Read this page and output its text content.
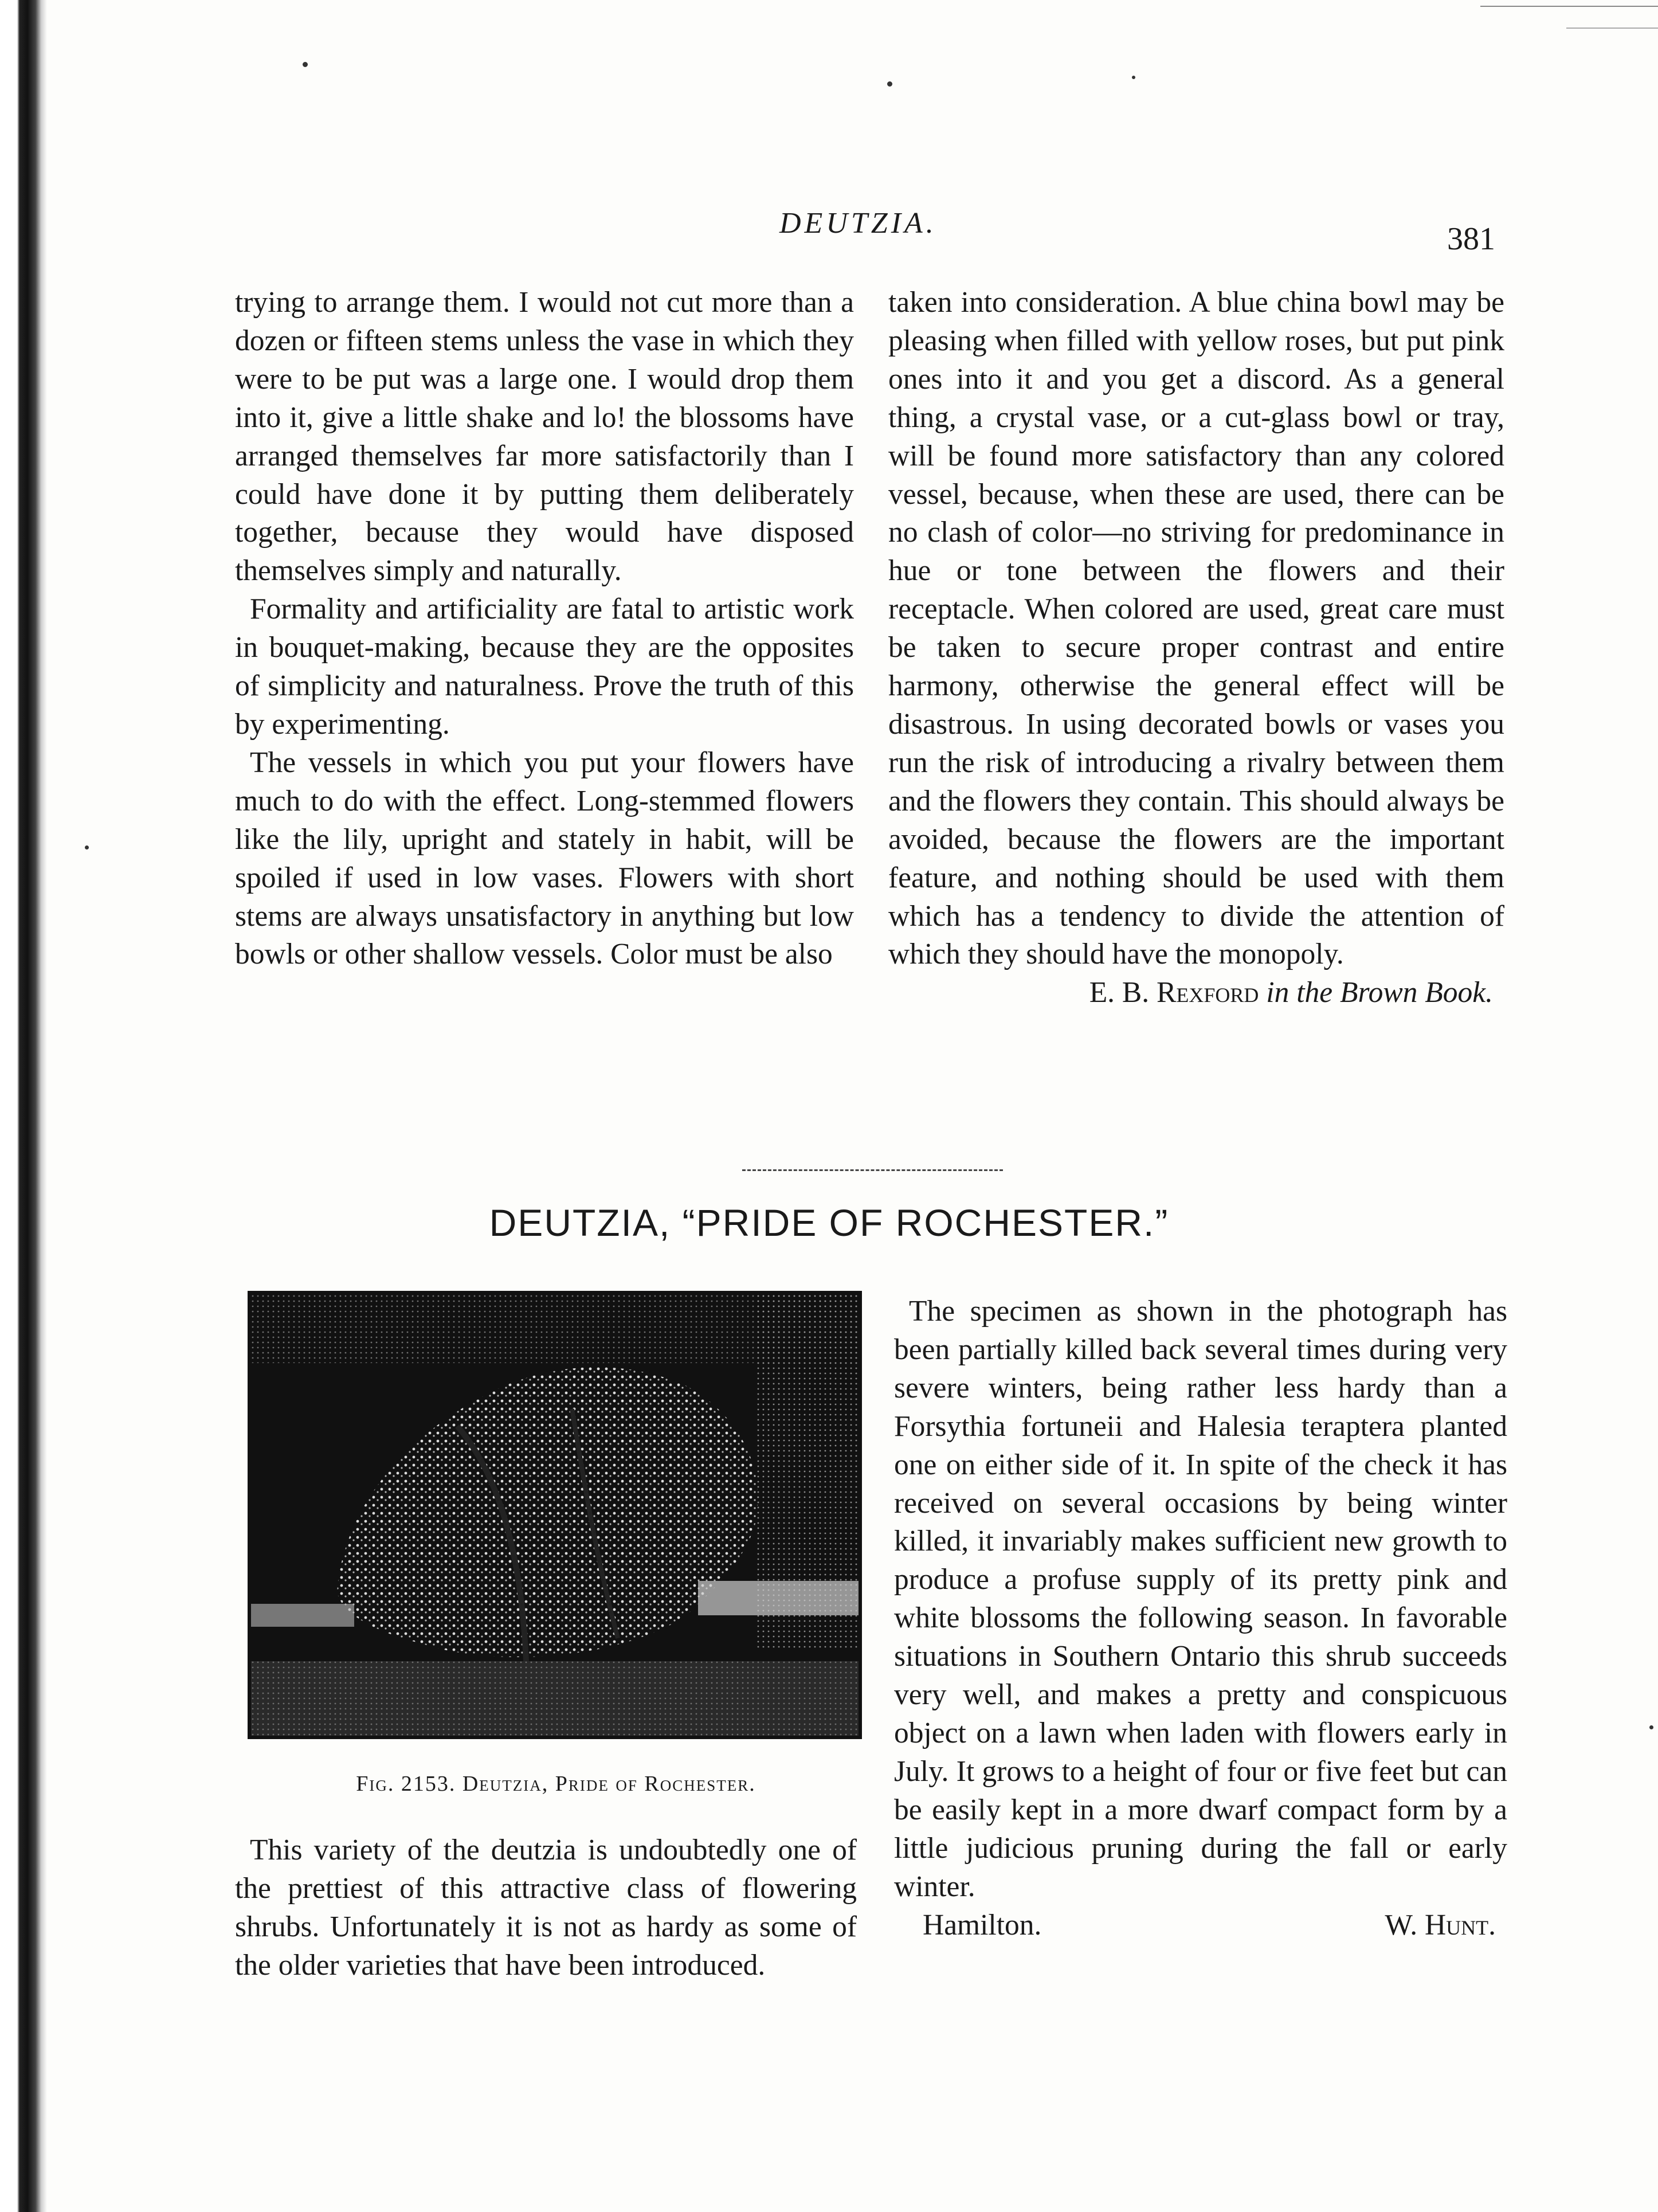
DEUTZIA.	381

trying to arrange them. I would not cut more than a dozen or fifteen stems unless the vase in which they were to be put was a large one. I would drop them into it, give a little shake and lo! the blossoms have arranged themselves far more satisfactorily than I could have done it by putting them deliberately together, because they would have disposed themselves simply and naturally.

Formality and artificiality are fatal to artistic work in bouquet-making, because they are the opposites of simplicity and naturalness. Prove the truth of this by experimenting.

The vessels in which you put your flowers have much to do with the effect. Long-stemmed flowers like the lily, upright and stately in habit, will be spoiled if used in low vases. Flowers with short stems are always unsatisfactory in anything but low bowls or other shallow vessels. Color must be also

taken into consideration. A blue china bowl may be pleasing when filled with yellow roses, but put pink ones into it and you get a discord. As a general thing, a crystal vase, or a cut-glass bowl or tray, will be found more satisfactory than any colored vessel, because, when these are used, there can be no clash of color—no striving for predominance in hue or tone between the flowers and their receptacle. When colored are used, great care must be taken to secure proper contrast and entire harmony, otherwise the general effect will be disastrous. In using decorated bowls or vases you run the risk of introducing a rivalry between them and the flowers they contain. This should always be avoided, because the flowers are the important feature, and nothing should be used with them which has a tendency to divide the attention of which they should have the monopoly.

E. B. Rexford in the Brown Book.

DEUTZIA, “PRIDE OF ROCHESTER.”
Fig. 2153. Deutzia, Pride of Rochester.

This variety of the deutzia is undoubtedly one of the prettiest of this attractive class of flowering shrubs. Unfortunately it is not as hardy as some of the older varieties that have been introduced.

The specimen as shown in the photograph has been partially killed back several times during very severe winters, being rather less hardy than a Forsythia fortuneii and Halesia teraptera planted one on either side of it. In spite of the check it has received on several occasions by being winter killed, it invariably makes sufficient new growth to produce a profuse supply of its pretty pink and white blossoms the following season. In favorable situations in Southern Ontario this shrub succeeds very well, and makes a pretty and conspicuous object on a lawn when laden with flowers early in July. It grows to a height of four or five feet but can be easily kept in a more dwarf compact form by a little judicious pruning during the fall or early winter.

Hamilton.	W. Hunt.
